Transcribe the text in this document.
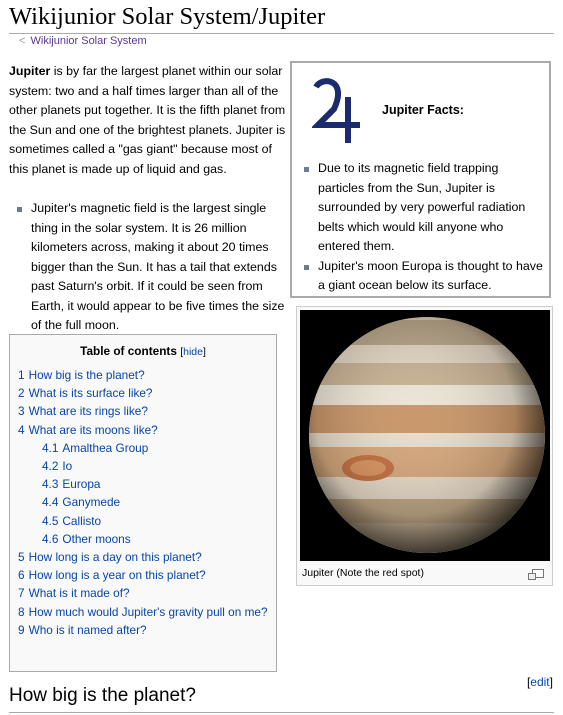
Wikijunior Solar System/Jupiter
< Wikijunior Solar System

Jupiter is by far the largest planet within our solar system: two and a half times larger than all of the other planets put together. It is the fifth planet from the Sun and one of the brightest planets. Jupiter is sometimes called a "gas giant" because most of this planet is made up of liquid and gas.

Jupiter's magnetic field is the largest single thing in the solar system. It is 26 million kilometers across, making it about 20 times bigger than the Sun. It has a tail that extends past Saturn's orbit. If it could be seen from Earth, it would appear to be five times the size of the full moon.
Jupiter Facts:
Due to its magnetic field trapping particles from the Sun, Jupiter is surrounded by very powerful radiation belts which would kill anyone who entered them.
Jupiter's moon Europa is thought to have a giant ocean below its surface.
Jupiter (Note the red spot)
Table of contents [hide]
1 How big is the planet?
2 What is its surface like?
3 What are its rings like?
4 What are its moons like?
4.1 Amalthea Group
4.2 Io
4.3 Europa
4.4 Ganymede
4.5 Callisto
4.6 Other moons
5 How long is a day on this planet?
6 How long is a year on this planet?
7 What is it made of?
8 How much would Jupiter's gravity pull on me?
9 Who is it named after?
[edit]
How big is the planet?
